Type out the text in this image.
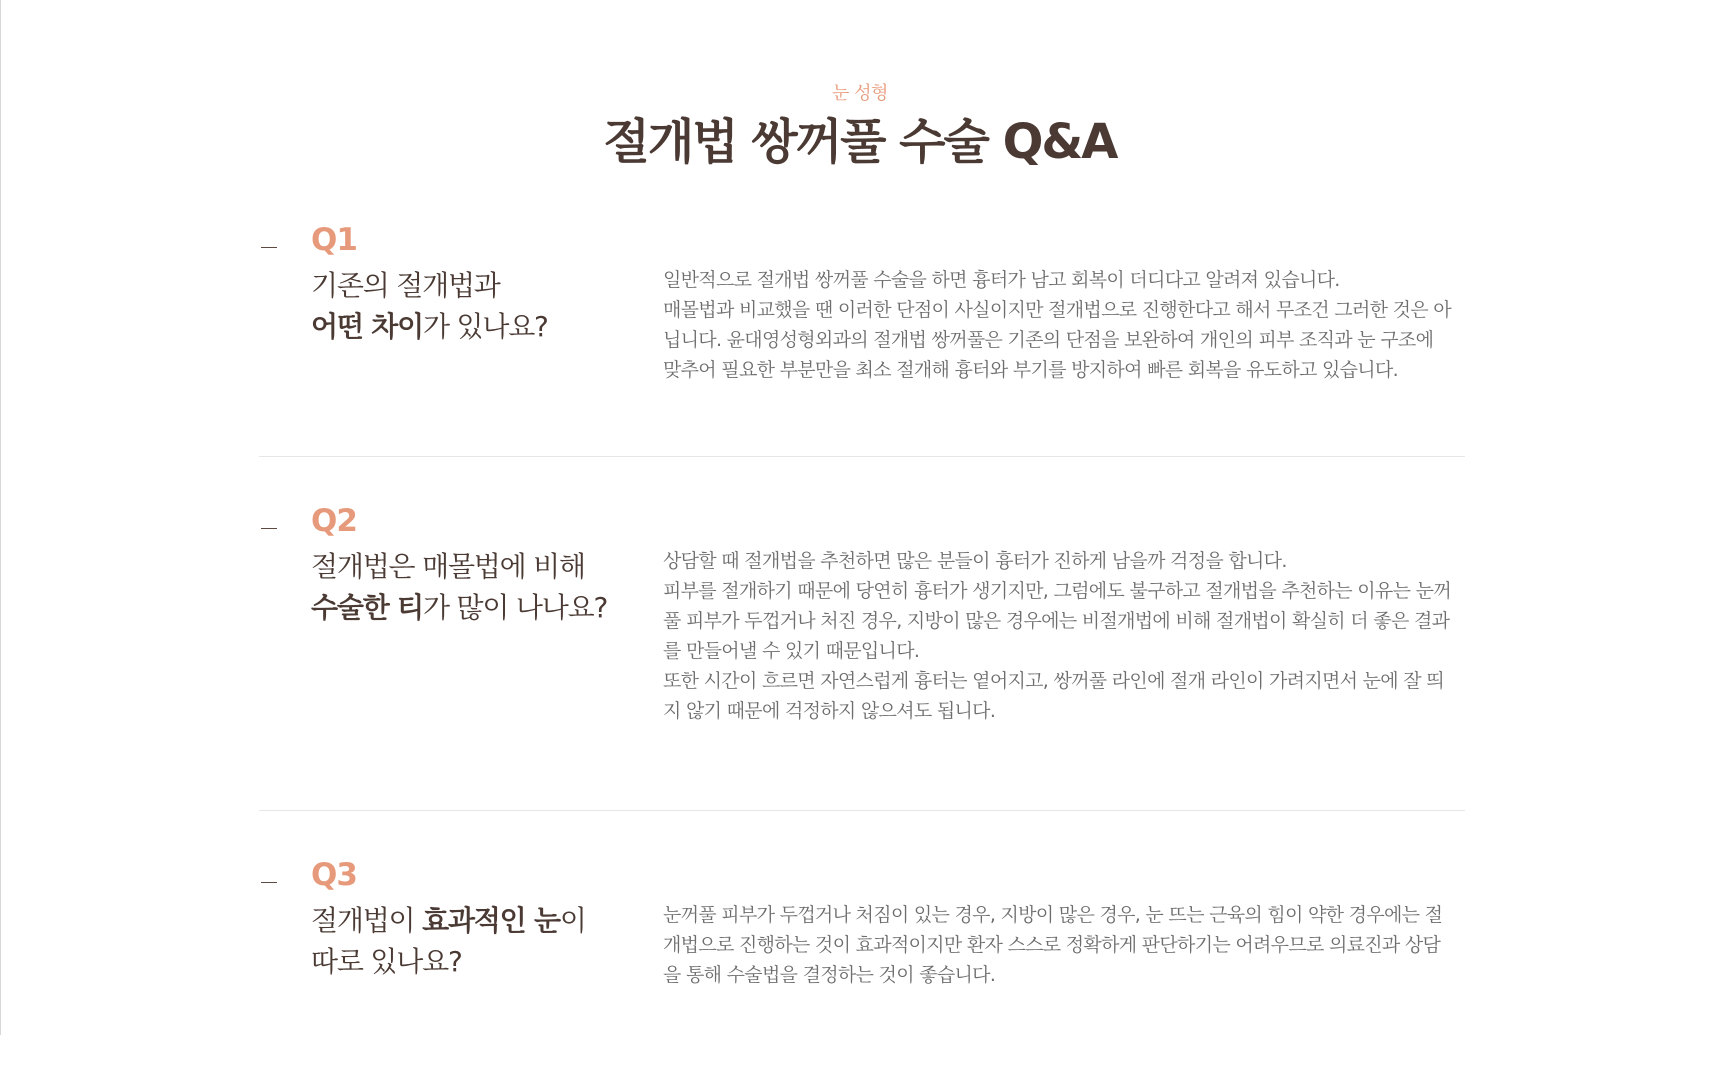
눈 성형
절개법 쌍꺼풀 수술 Q&A
Q1
기존의 절개법과
어떤 차이가 있나요?

일반적으로 절개법 쌍꺼풀 수술을 하면 흉터가 남고 회복이 더디다고 알려져 있습니다.

매몰법과 비교했을 땐 이러한 단점이 사실이지만 절개법으로 진행한다고 해서 무조건 그러한 것은 아닙니다. 윤대영성형외과의 절개법 쌍꺼풀은 기존의 단점을 보완하여 개인의 피부 조직과 눈 구조에 맞추어 필요한 부분만을 최소 절개해 흉터와 부기를 방지하여 빠른 회복을 유도하고 있습니다.

Q2
절개법은 매몰법에 비해
수술한 티가 많이 나나요?

상담할 때 절개법을 추천하면 많은 분들이 흉터가 진하게 남을까 걱정을 합니다.

피부를 절개하기 때문에 당연히 흉터가 생기지만, 그럼에도 불구하고 절개법을 추천하는 이유는 눈꺼풀 피부가 두껍거나 처진 경우, 지방이 많은 경우에는 비절개법에 비해 절개법이 확실히 더 좋은 결과를 만들어낼 수 있기 때문입니다.

또한 시간이 흐르면 자연스럽게 흉터는 옅어지고, 쌍꺼풀 라인에 절개 라인이 가려지면서 눈에 잘 띄지 않기 때문에 걱정하지 않으셔도 됩니다.

Q3
절개법이 효과적인 눈이
따로 있나요?

눈꺼풀 피부가 두껍거나 처짐이 있는 경우, 지방이 많은 경우, 눈 뜨는 근육의 힘이 약한 경우에는 절개법으로 진행하는 것이 효과적이지만 환자 스스로 정확하게 판단하기는 어려우므로 의료진과 상담을 통해 수술법을 결정하는 것이 좋습니다.
